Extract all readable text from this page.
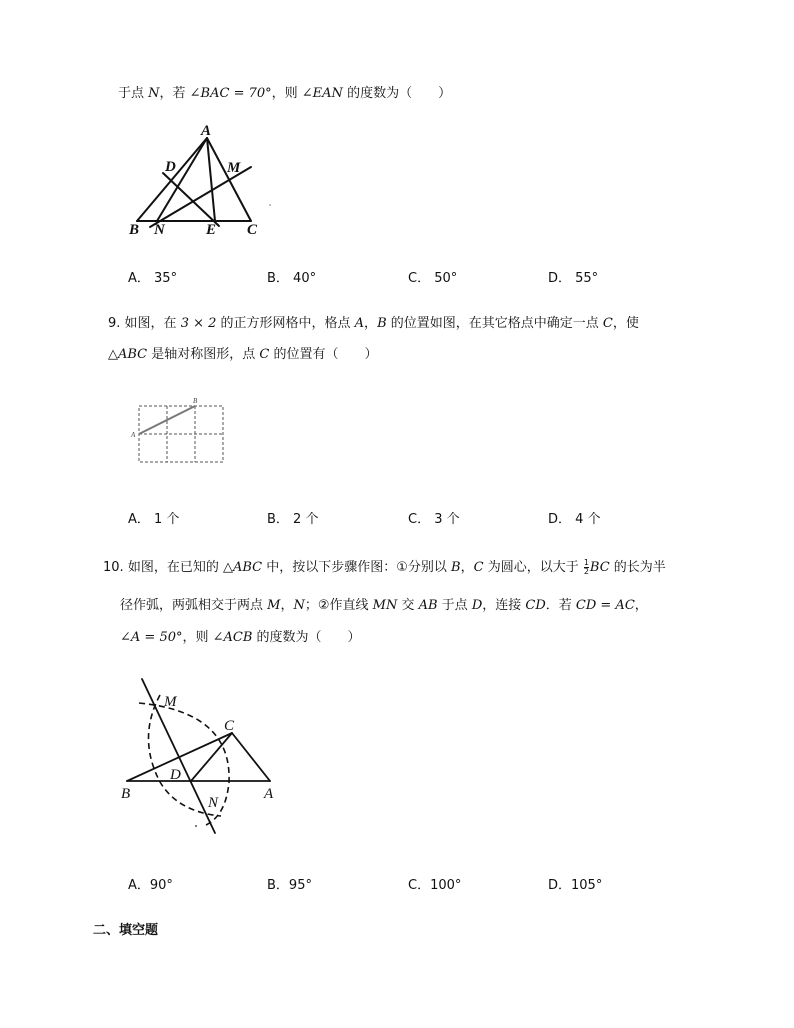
于点 N，若 ∠BAC = 70°，则 ∠EAN 的度数为（　　）
A
D	M
B N	E C
A． 35°	B． 40°	C． 50°	D． 55°
9. 如图，在 3 × 2 的正方形网格中，格点 A，B 的位置如图，在其它格点中确定一点 C，使
△ABC 是轴对称图形，点 C 的位置有（　　）
A
B
A． 1 个	B． 2 个	C． 3 个	D． 4 个
10. 如图，在已知的 △ABC 中，按以下步骤作图：①分别以 B，C 为圆心，以大于 $\frac{1}{2}$ BC 的长为半
径作弧，两弧相交于两点 M，N；②作直线 MN 交 AB 于点 D，连接 CD．若 CD = AC，
∠A = 50°，则 ∠ACB 的度数为（　　）
M
C
D
B
N
A
A．90°	B．95°	C．100°	D．105°
二、填空题
